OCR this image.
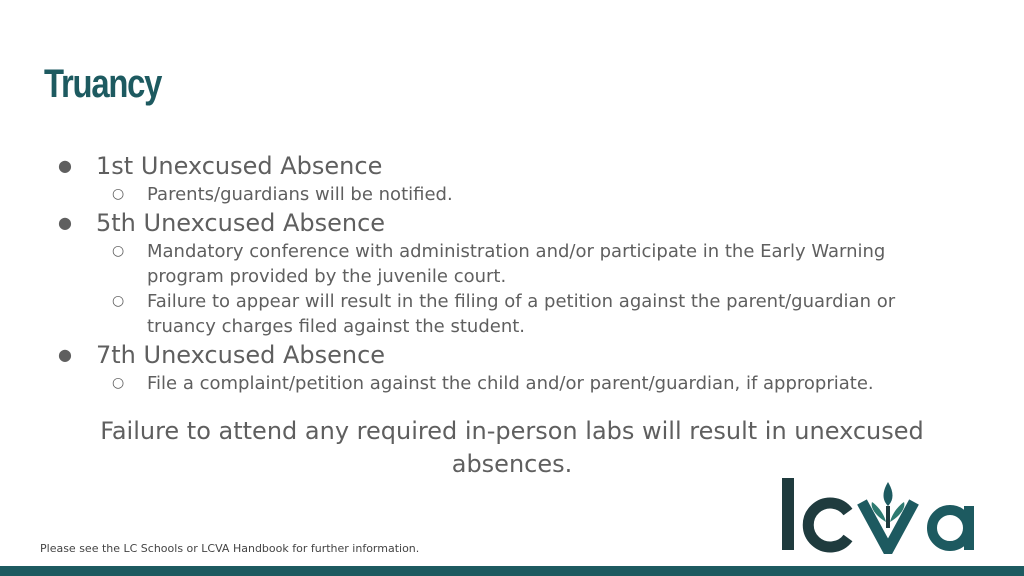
Truancy
● 1st Unexcused Absence
○ Parents/guardians will be notified.
● 5th Unexcused Absence
○ Mandatory conference with administration and/or participate in the Early Warning program provided by the juvenile court.
○ Failure to appear will result in the filing of a petition against the parent/guardian or truancy charges filed against the student.
● 7th Unexcused Absence
○ File a complaint/petition against the child and/or parent/guardian, if appropriate.
Failure to attend any required in-person labs will result in unexcused absences.
Please see the LC Schools or LCVA Handbook for further information.
